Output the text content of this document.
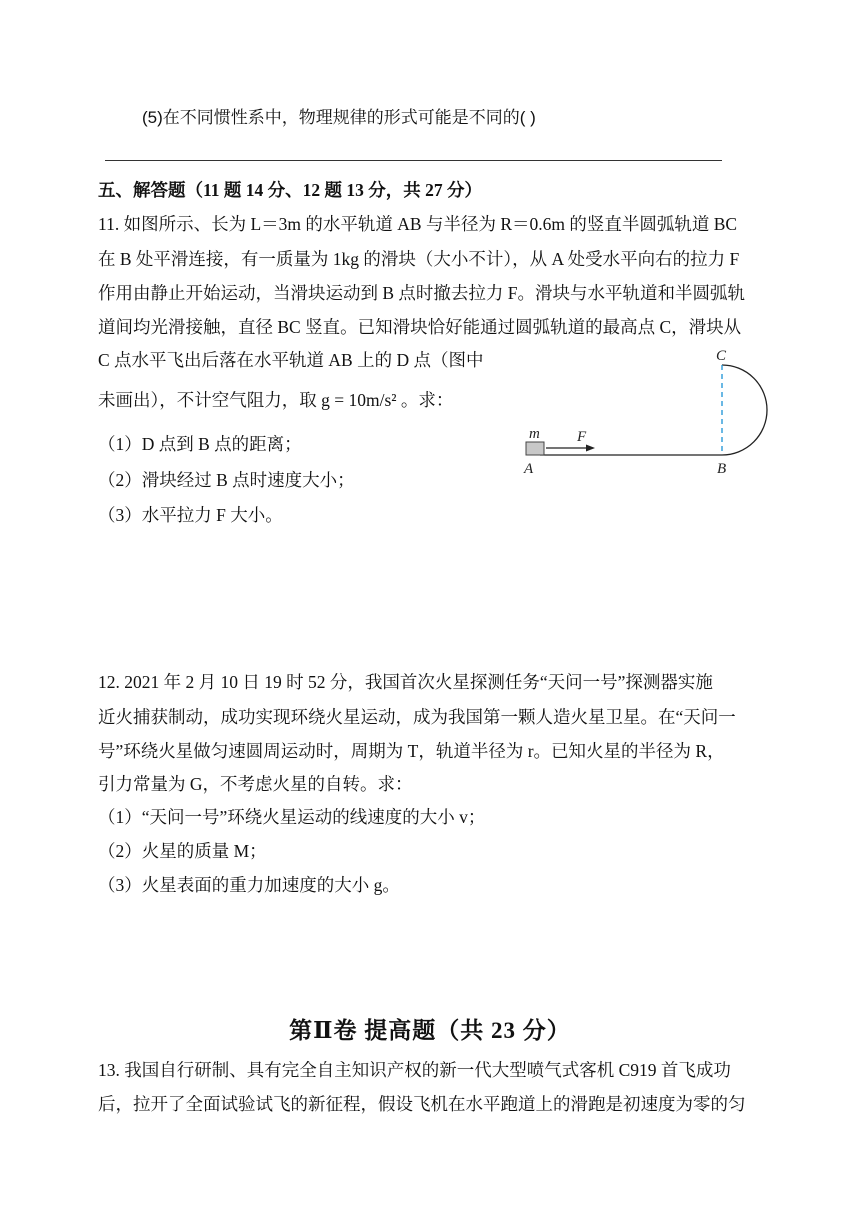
(5)在不同惯性系中，物理规律的形式可能是不同的( )
五、解答题（11 题 14 分、12 题 13 分，共 27 分）
11. 如图所示、长为 L＝3m 的水平轨道 AB 与半径为 R＝0.6m 的竖直半圆弧轨道 BC
在 B 处平滑连接，有一质量为 1kg 的滑块（大小不计），从 A 处受水平向右的拉力 F
作用由静止开始运动，当滑块运动到 B 点时撤去拉力 F。滑块与水平轨道和半圆弧轨
道间均光滑接触，直径 BC 竖直。已知滑块恰好能通过圆弧轨道的最高点 C，滑块从
C 点水平飞出后落在水平轨道 AB 上的 D 点（图中
未画出），不计空气阻力，取 g = 10m/s² 。求：
（1）D 点到 B 点的距离；
（2）滑块经过 B 点时速度大小；
（3）水平拉力 F 大小。
m F
A	B
C
12. 2021 年 2 月 10 日 19 时 52 分，我国首次火星探测任务“天问一号”探测器实施
近火捕获制动，成功实现环绕火星运动，成为我国第一颗人造火星卫星。在“天问一
号”环绕火星做匀速圆周运动时，周期为 T，轨道半径为 r。已知火星的半径为 R，
引力常量为 G，不考虑火星的自转。求：
（1）“天问一号”环绕火星运动的线速度的大小 v；
（2）火星的质量 M；
（3）火星表面的重力加速度的大小 g。
第Ⅱ卷 提高题（共 23 分）
13. 我国自行研制、具有完全自主知识产权的新一代大型喷气式客机 C919 首飞成功
后，拉开了全面试验试飞的新征程，假设飞机在水平跑道上的滑跑是初速度为零的匀
